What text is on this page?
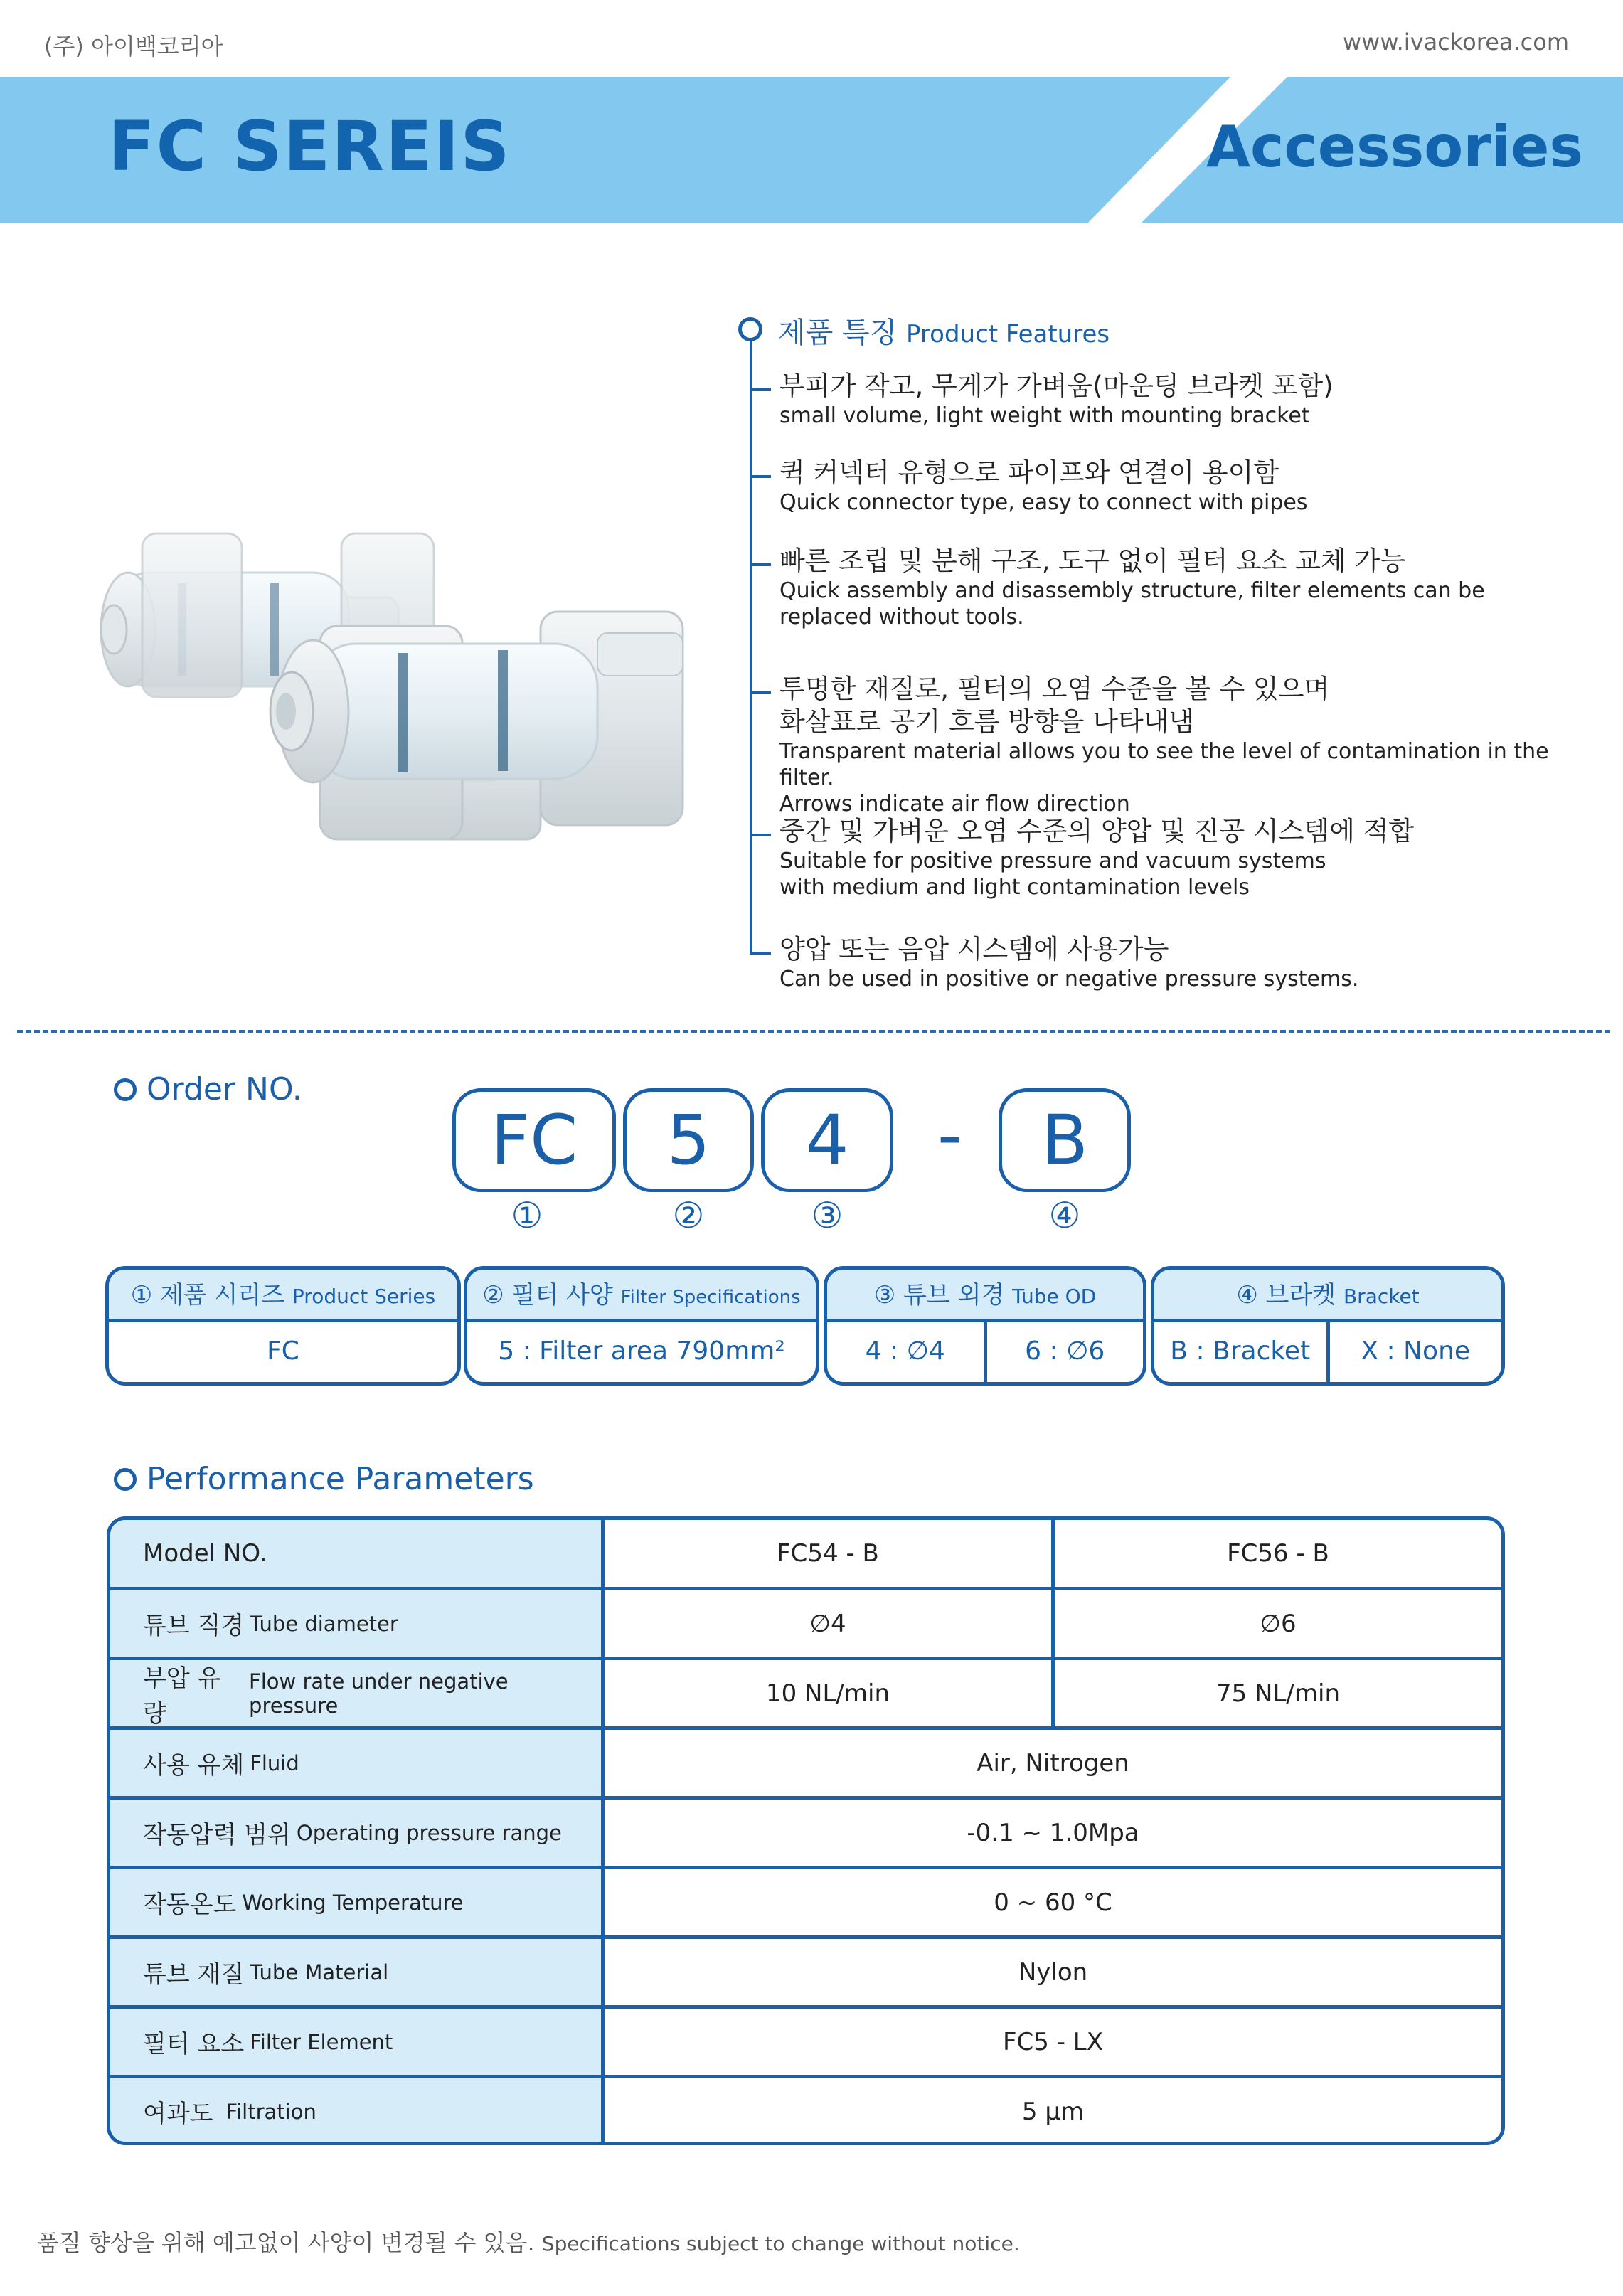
(주) 아이백코리아	www.ivackorea.com
FC SEREIS	Accessories
제품 특징 Product Features
부피가 작고, 무게가 가벼움(마운팅 브라켓 포함)
small volume, light weight with mounting bracket
퀵 커넥터 유형으로 파이프와 연결이 용이함
Quick connector type, easy to connect with pipes
빠른 조립 및 분해 구조, 도구 없이 필터 요소 교체 가능
Quick assembly and disassembly structure, filter elements can be
replaced without tools.
투명한 재질로, 필터의 오염 수준을 볼 수 있으며
화살표로 공기 흐름 방향을 나타내냄
Transparent material allows you to see the level of contamination in the filter.
Arrows indicate air flow direction
중간 및 가벼운 오염 수준의 양압 및 진공 시스템에 적합
Suitable for positive pressure and vacuum systems
with medium and light contamination levels
양압 또는 음압 시스템에 사용가능
Can be used in positive or negative pressure systems.
Order NO.
FC	5	4	-	B
①	②	③	④
① 제품 시리즈 Product Series
FC
② 필터 사양 Filter Specifications
5 : Filter area 790mm²
③ 튜브 외경 Tube OD
4 : ∅4	6 : ∅6
④ 브라켓 Bracket
B : Bracket	X : None
Performance Parameters
Model NO.	FC54 - B	FC56 - B
튜브 직경 Tube diameter	∅4	∅6
부압 유량
Flow rate under negative pressure	10 NL/min	75 NL/min
사용 유체 Fluid	Air, Nitrogen
작동압력 범위 Operating pressure range	-0.1 ~ 1.0Mpa
작동온도 Working Temperature	0 ~ 60 °C
튜브 재질 Tube Material	Nylon
필터 요소 Filter Element	FC5 - LX
여과도 Filtration	5 µm
품질 향상을 위해 예고없이 사양이 변경될 수 있음. Specifications subject to change without notice.
